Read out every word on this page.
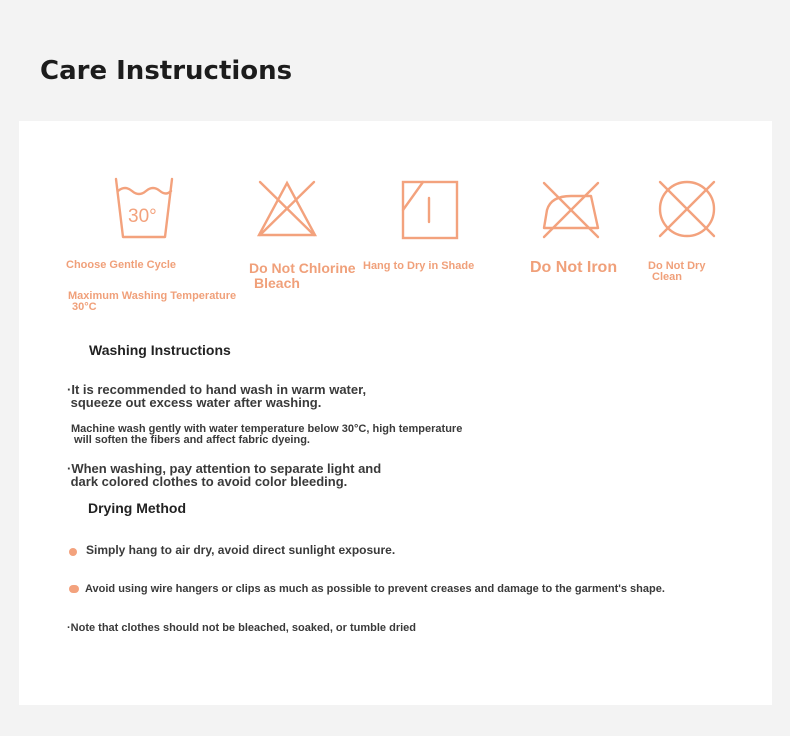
Care Instructions
30°
Choose Gentle Cycle
Maximum Washing Temperature
30°C
Do Not Chlorine
Bleach
Hang to Dry in Shade	Do Not Iron	Do Not Dry
Clean
Washing Instructions
·It is recommended to hand wash in warm water,
squeeze out excess water after washing.
Machine wash gently with water temperature below 30°C, high temperature
will soften the fibers and affect fabric dyeing.
·When washing, pay attention to separate light and
dark colored clothes to avoid color bleeding.
Drying Method
Simply hang to air dry, avoid direct sunlight exposure.
Avoid using wire hangers or clips as much as possible to prevent creases and damage to the garment's shape.
·Note that clothes should not be bleached, soaked, or tumble dried
